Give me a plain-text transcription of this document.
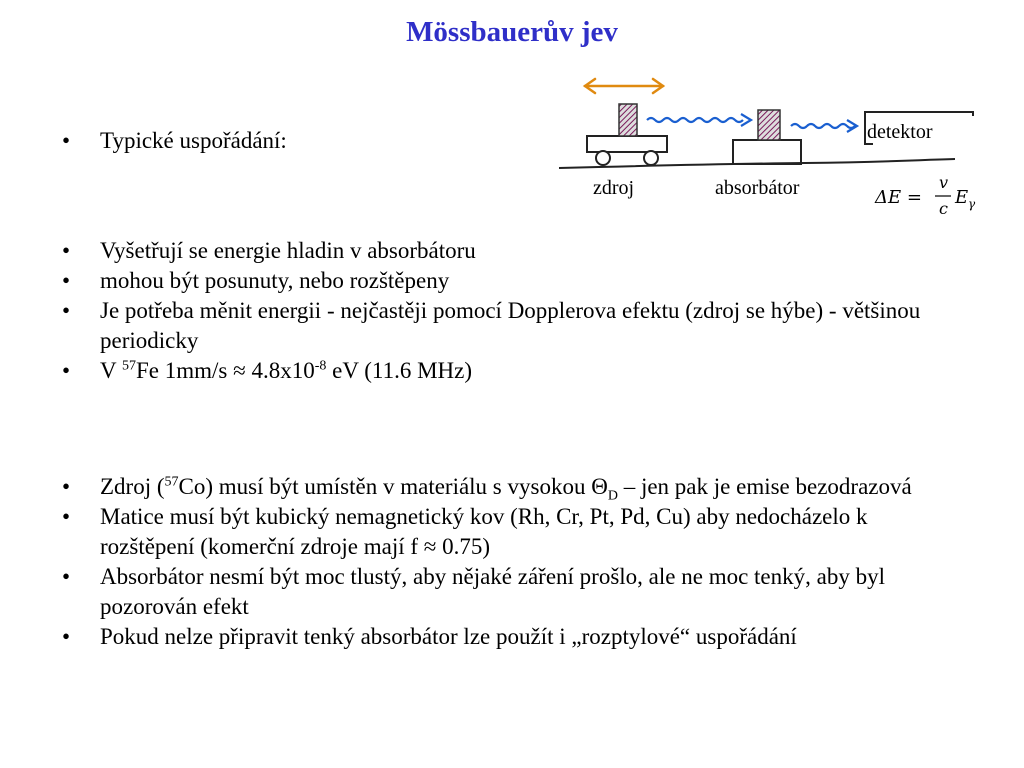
Mössbauerův jev
• Typické uspořádání:	detektor
zdroj	absorbátor	ΔE =
v
c
E γ
• Vyšetřují se energie hladin v absorbátoru
• mohou být posunuty, nebo rozštěpeny
• Je potřeba měnit energii - nejčastěji pomocí Dopplerova efektu (zdroj se hýbe) - většinou periodicky
• V $^{57}$Fe $1mm/s \approx 4.8x10^{-8}$ eV (11.6 MHz)
• Zdroj ($^{57}$Co) musí být umístěn v materiálu s vysokou $\Theta_D$ – jen pak je emise bezodrazová
• Matice musí být kubický nemagnetický kov (Rh, Cr, Pt, Pd, Cu) aby nedocházelo k rozštěpení (komerční zdroje mají f ≈ 0.75)
• Absorbátor nesmí být moc tlustý, aby nějaké záření prošlo, ale ne moc tenký, aby byl pozorován efekt
• Pokud nelze připravit tenký absorbátor lze použít i „rozptylové“ uspořádání
